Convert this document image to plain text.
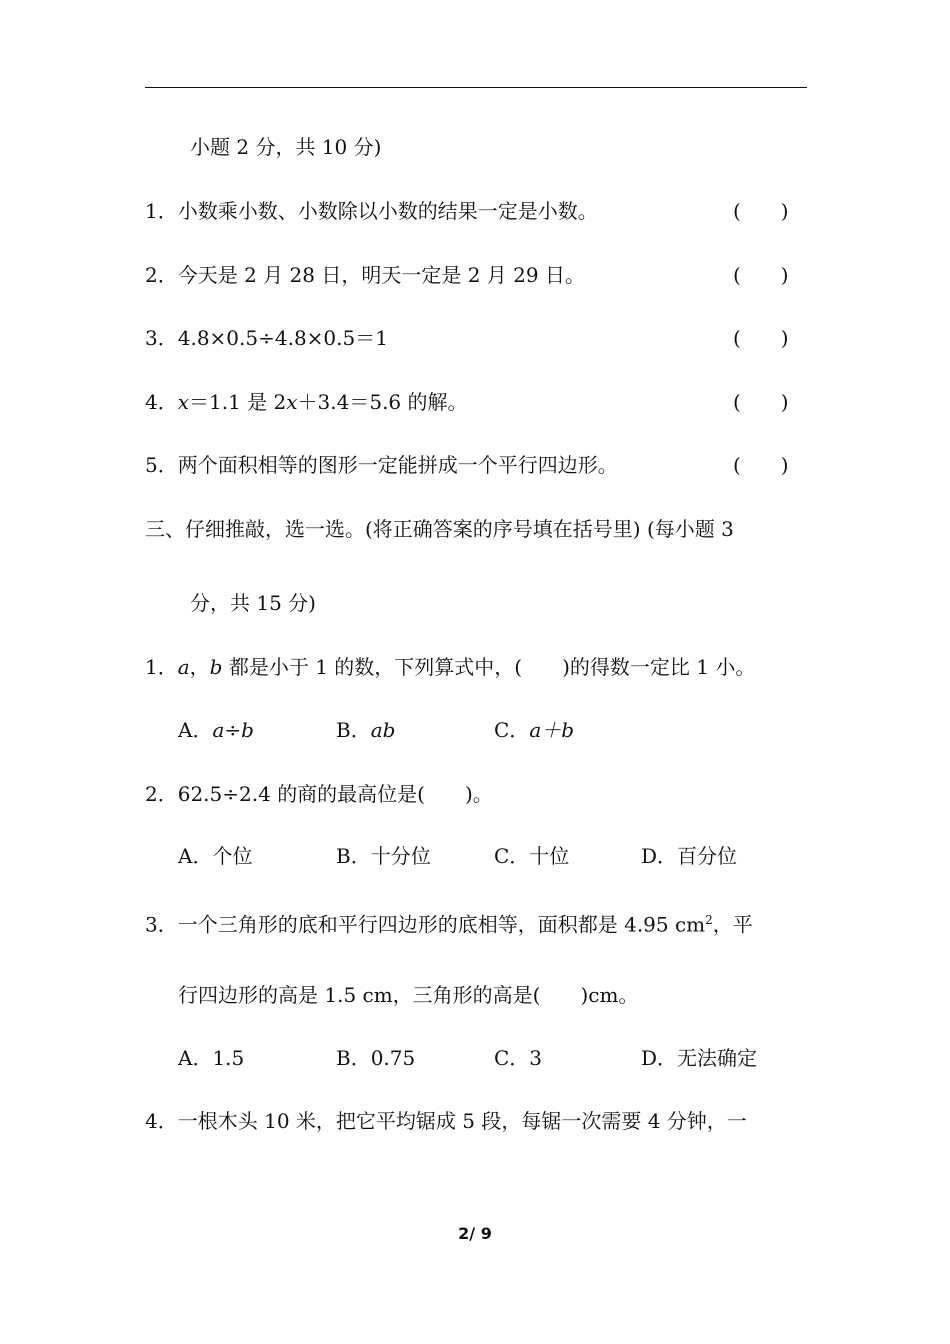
小题 2 分，共 10 分)
1．小数乘小数、小数除以小数的结果一定是小数。	(　　)
2．今天是 2 月 28 日，明天一定是 2 月 29 日。	(　　)
3．4.8×0.5÷4.8×0.5＝1	(　　)
4．x＝1.1 是 2x＋3.4＝5.6 的解。	(　　)
5．两个面积相等的图形一定能拼成一个平行四边形。	(　　)
三、仔细推敲，选一选。(将正确答案的序号填在括号里) (每小题 3
分，共 15 分)
1．a，b 都是小于 1 的数，下列算式中，(　　)的得数一定比 1 小。
A．a÷b	B．ab	C．a＋b
2．62.5÷2.4 的商的最高位是(　　)。
A．个位	B．十分位	C．十位	D．百分位
3．一个三角形的底和平行四边形的底相等，面积都是 4.95 $cm^2$，平
行四边形的高是 1.5 cm，三角形的高是(　　)cm。
A．1.5	B．0.75	C．3	D．无法确定
4．一根木头 10 米，把它平均锯成 5 段，每锯一次需要 4 分钟，一
2/ 9
